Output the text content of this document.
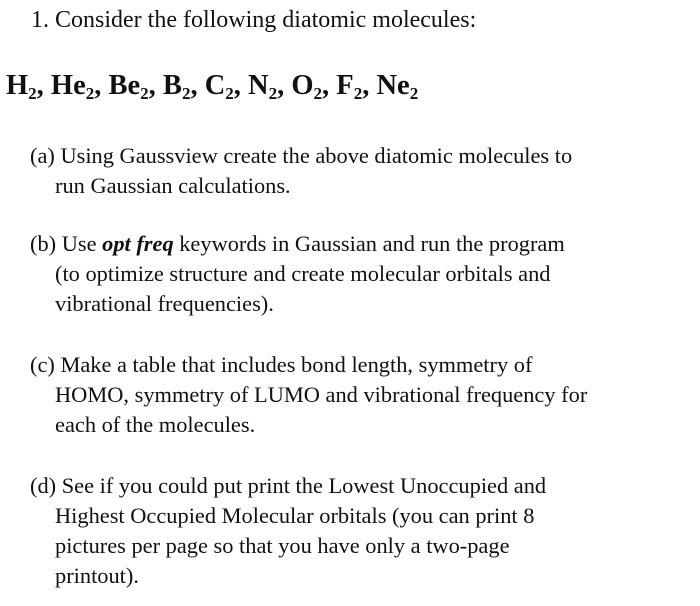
1. Consider the following diatomic molecules:
$H_2$, $He_2$, $Be_2$, $B_2$, $C_2$, $N_2$, $O_2$, $F_2$, $Ne_2$
(a) Using Gaussview create the above diatomic molecules to
run Gaussian calculations.
(b) Use opt freq keywords in Gaussian and run the program
(to optimize structure and create molecular orbitals and
vibrational frequencies).
(c) Make a table that includes bond length, symmetry of
HOMO, symmetry of LUMO and vibrational frequency for
each of the molecules.
(d) See if you could put print the Lowest Unoccupied and
Highest Occupied Molecular orbitals (you can print 8
pictures per page so that you have only a two-page
printout).
